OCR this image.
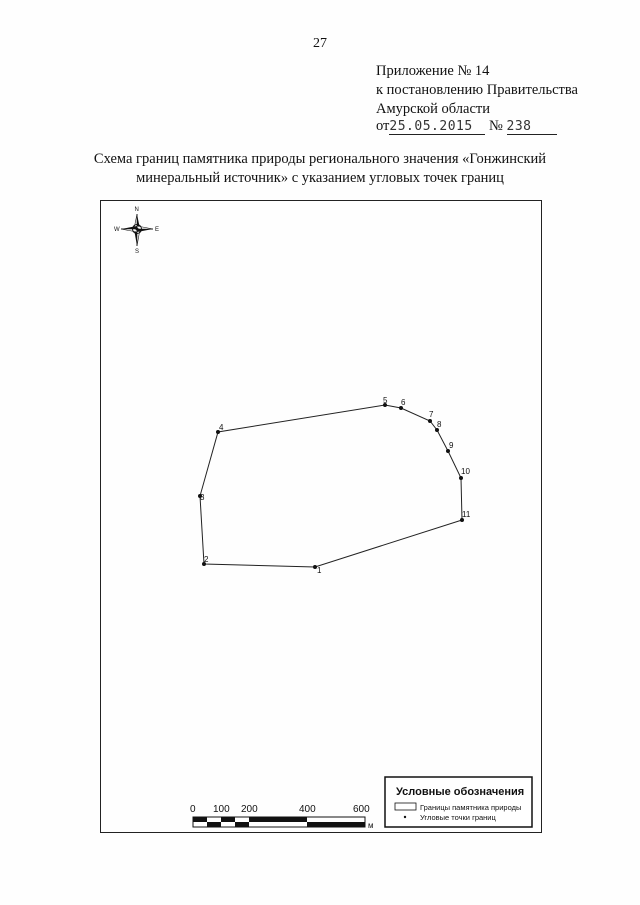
27
Приложение № 14
к постановлению Правительства
Амурской области
от25.05.2015 № 238
Схема границ памятника природы регионального значения «Гонжинский
минеральный источник» с указанием угловых точек границ
N
S
W	E
1
2
3
4
5 6
7
8
9
10
11
0 100 200	400	600
м
Условные обозначения
Границы памятника природы
Угловые точки границ
